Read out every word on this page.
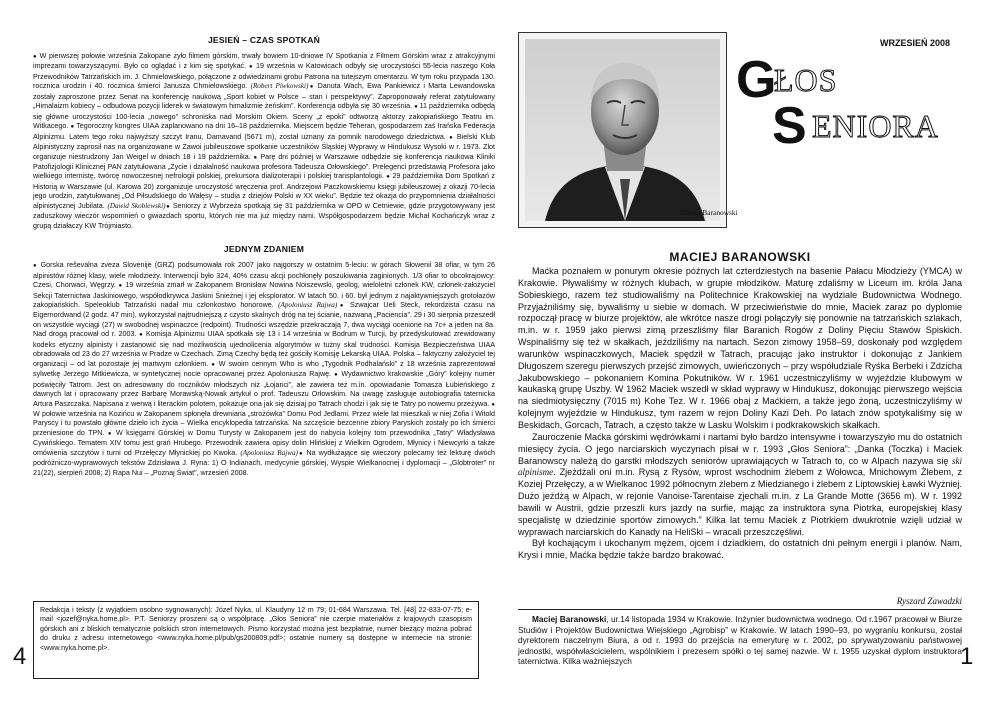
JESIEŃ – CZAS SPOTKAŃ

● W pierwszej połowie września Zakopane żyło filmem górskim, trwały bowiem 10-dniowe IV Spotkania z Filmem Górskim wraz z atrakcyjnymi imprezami towarzyszącymi. Było co oglądać i z kim się spotykać. ● 19 września w Katowicach odbyły się uroczystości 55-lecia naszego Koła Przewodników Tatrzańskich im. J. Chmielowskiego, połączone z odwiedzinami grobu Patrona na tutejszym cmentarzu. W tym roku przypada 130. rocznica urodzin i 40. rocznica śmierci Janusza Chmielowskiego. (Robert Piwkowski)● Danuta Wach, Ewa Pankiewicz i Marta Lewandowska zostały zaproszone przez Senat na konferencję naukową „Sport kobiet w Polsce – stan i perspektywy”. Zaproponowały referat zatytułowany „Himalaizm kobiecy – odbudowa pozycji liderek w światowym himalizmie żeńskim”. Konferencja odbyła się 30 września. ● 11 października odbędą się główne uroczystości 100-lecia „nowego” schroniska nad Morskim Okiem. Sceny „z epoki” odtworzą aktorzy zakopiańskiego Teatru im. Witkacego. ● Tegoroczny kongres UIAA zaplanowano na dni 16–18 października. Miejscem będzie Teheran, gospodarzem zaś Irańska Federacja Alpinizmu. Latem tego roku najwyższy szczyt Iranu, Damavand (5671 m), został uznany za pomnik narodowego dziedzictwa. ● Bielski Klub Alpinistyczny zaprosił nas na organizowane w Zawoi jubileuszowe spotkanie uczestników Śląskiej Wyprawy w Hindukusz Wysoki w r. 1973. Zlot organizuje niestrudzony Jan Weigel w dniach 18 i 19 października. ● Parę dni później w Warszawie odbędzie się konferencja naukowa Kliniki Patofizjologii Klinicznej PAN zatytułowana „Życie i działalność naukowa profesora Tadeusza Orłowskiego”. Prelegenci przedstawią Profesora jako wielkiego internistę, twórcę nowoczesnej nefrologii polskiej, prekursora dializoterapii i polskiej transplantologii. ● 29 października Dom Spotkań z Historią w Warszawie (ul. Karowa 20) zorganizuje uroczystość wręczenia prof. Andrzejowi Paczkowskiemu księgi jubileuszowej z okazji 70-lecia jego urodzin, zatytułowanej „Od Piłsudskiego do Wałęsy – studia z dziejów Polski w XX wieku”. Będzie też okazja do przypomnienia działalności alpinistycznej Jubilata. (Dawid Skoblewski)● Seniorzy z Wybrzeża spotkają się 31 października w OPO w Cetniewie, gdzie przygotowywany jest zaduszkowy wieczór wspomnień o gwiazdach sportu, których nie ma już między nami. Współgospodarzem będzie Michał Kochańczyk wraz z grupą działaczy KW Trójmiasto.

JEDNYM ZDANIEM

● Gorska reševalna zveza Slovenije (GRZ) podsumowała rok 2007 jako najgorszy w ostatnim 5-leciu: w górach Słowenii 38 ofiar, w tym 26 alpinistów różnej klasy, wiele młodzieży. Interwencji było 324, 40% czasu akcji pochłonęły poszukiwania zaginionych. 1/3 ofiar to obcokrajowcy: Czesi, Chorwaci, Węgrzy. ● 19 września zmarł w Zakopanem Bronisław Nowina Noiszewski, geolog, wieloletni członek KW, członek-założyciel Sekcji Taternictwa Jaskiniowego, współodkrywca Jaskini Śnieżnej i jej eksplorator. W latach 50. i 60. był jednym z najaktywniejszych grotołazów zakopiańskich. Speleoklub Tatrzański nadał mu członkostwo honorowe. (Apoloniusz Rajwa)● Szwajcar Ueli Steck, rekordzista czasu na Eigernordwand (2 godz. 47 min), wykorzystał najtrudniejszą z czysto skalnych dróg na tej ścianie, nazwaną „Paciencia”. 29 i 30 sierpnia przeszedł on wszystkie wyciągi (27) w swobodnej wspinaczce (redpoint). Trudności wszędzie przekraczają 7, dwa wyciągi ocenione na 7c+ a jeden na 8a. Nad drogą pracował od r. 2003. ● Komisja Alpinizmu UIAA spotkała się 13 i 14 września w Bodrum w Turcji, by przedyskutować zrewidowany kodeks etyczny alpinisty i zastanowić się nad możliwością ujednolicenia algorytmów w tużny skal trudności. Komisja Bezpieczeństwa UIAA obradowała od 23 do 27 września w Pradze w Czechach. Zimą Czechy będą też gościły Komisję Lekarską UIAA. Polska – faktyczny założyciel tej organizacji – od lat pozostaje jej martwym członkiem. ● W swoim cennym Who is who „Tygodnik Podhalański” z 18 września zaprezentował sylwetkę Jerzego Mitkiewicza, w syntetycznej nocie opracowanej przez Apoloniusza Rajwę. ● Wydawnictwo krakowskie „Góry” kolejny numer poświęciły Tatrom. Jest on adresowany do roczników młodszych niż „Łojanci”, ale zawiera też m.in. opowiadanie Tomasza Łubieńskiego z dawnych lat i opracowany przez Barbarę Morawską-Nowak artykuł o prof. Tadeuszu Orłowskim. Na uwagę zasługuje autobiografia taternicka Artura Paszczaka. Napisana z werwą i literackim polotem, pokazuje ona jak się dzisiaj po Tatrach chodzi i jak się te Tatry po nowemu przeżywa. ● W połowie września na Kozińcu w Zakopanem spłonęła drewniana „strożówka” Domu Pod Jedlami. Przez wiele lat mieszkali w niej Zofia i Witold Paryscy i tu powstało główne dzieło ich życia – Wielka encyklopedia tatrzańska. Na szczęście bezcenne zbiory Paryskich zostały po ich śmierci przeniesione do TPN. ● W księgarni Górskiej w Domu Turysty w Zakopanem jest do nabycia kolejny tom przewodnika „Tatry” Władysława Cywińskiego. Tematem XIV tomu jest grań Hrubego. Przewodnik zawiera opisy dolin Hlińskiej z Wielkim Ogrodem, Młynicy i Niewcyrki a także omówienia szczytów i turni od Przełęczy Młynickiej po Kwoka. (Apoloniusz Rajwa)● Na wydłużające się wieczory polecamy też lekturę dwóch podróżniczo-wyprawowych tekstów Zdzisława J. Ryna: 1) O Indianach, medycynie górskiej, Wyspie Wielkanocnej i dyplomacji – „Globtroter” nr 21(22), sierpień 2008; 2) Rapa Nui – „Poznaj Świat”, wrzesień 2008.

Redakcja i teksty (z wyjątkiem osobno sygnowanych): Józef Nyka, ul. Klaudyny 12 m 79; 01-684 Warszawa. Tel. [48] 22-833-07-75; e-mail <jozef@nyka.home.pl>. P.T. Seniorzy proszeni są o współpracę. „Głos Seniora” nie czerpie materiałów z krajowych czasopism górskich ani z bliskich tematycznie polskich stron internetowych. Pismo korzystać można jest bezpłatnie, numer bieżący można pobrać do druku z adresu internetowego <www.nyka.home.pl/pub/gs200809.pdf>; ostatnie numery są dostępne w internecie na stronie: <www.nyka.home.pl>.
4
Maciej Baranowski
WRZESIEŃ 2008
G
ŁOS
S ENIORA
MACIEJ BARANOWSKI

Maćka poznałem w ponurym okresie późnych lat czterdziestych na basenie Pałacu Młodzieży (YMCA) w Krakowie. Pływaliśmy w różnych klubach, w grupie młodzików. Maturę zdaliśmy w Liceum im. króla Jana Sobieskiego, razem też studiowaliśmy na Politechnice Krakowskiej na wydziale Budownictwa Wodnego. Przyjaźniliśmy się, bywaliśmy u siebie w domach. W przeciwieństwie do mnie, Maciek zaraz po dyplomie rozpoczął pracę w biurze projektów, ale wkrótce nasze drogi połączyły się ponownie na tatrzańskich szlakach, m.in. w r. 1959 jako pierwsi zimą przeszliśmy filar Baranich Rogów z Doliny Pięciu Stawów Spiskich. Wspinaliśmy się też w skałkach, jeździliśmy na nartach. Sezon zimowy 1958–59, doskonały pod względem warunków wspinaczkowych, Maciek spędził w Tatrach, pracując jako instruktor i dokonując z Jankiem Długoszem szeregu pierwszych przejść zimowych, uwieńczonych – przy współudziale Ryśka Berbeki i Zdzicha Jakubowskiego – pokonaniem Komina Pokutników. W r. 1961 uczestniczyliśmy w wyjeździe klubowym w kaukaską grupę Uszby. W 1962 Maciek wszedł w skład wyprawy w Hindukusz, dokonując pierwszego wejścia na siedmiotysięczny (7015 m) Kohe Tez. W r. 1966 obaj z Maćkiem, a także jego żoną, uczestniczyliśmy w kolejnym wyjeździe w Hindukusz, tym razem w rejon Doliny Kazi Deh. Po latach znów spotykaliśmy się w Beskidach, Gorcach, Tatrach, a często także w Lasku Wolskim i podkrakowskich skałkach.

Zauroczenie Maćka górskimi wędrówkami i nartami było bardzo intensywne i towarzyszyło mu do ostatnich miesięcy życia. O jego narciarskich wyczynach pisał w r. 1993 „Głos Seniora”: „Danka (Toczka) i Maciek Baranowscy należą do garstki młodszych seniorów uprawiających w Tatrach to, co w Alpach nazywa się ski alpinisme. Zjeżdżali oni m.in. Rysą z Rysów, wprost wschodnim żlebem z Wołowca, Mnichowym Żlebem, z Koziej Przełęczy, a w Wielkanoc 1992 północnym żlebem z Miedzianego i żlebem z Liptowskiej Ławki Wyżniej. Dużo jeżdżą w Alpach, w rejonie Vanoise-Tarentaise zjechali m.in. z La Grande Motte (3656 m). W r. 1992 bawili w Austrii, gdzie przeszli kurs jazdy na surfie, mając za instruktora syna Piotrka, europejskiej klasy specjalistę w dziedzinie sportów zimowych.” Kilka lat temu Maciek z Piotrkiem dwukrotnie wzięli udział w wyprawach narciarskich do Kanady na HeliSki – wracali przeszczęśliwi.

Był kochającym i ukochanym mężem, ojcem i dziadkiem, do ostatnich dni pełnym energii i planów. Nam, Krysi i mnie, Maćka będzie także bardzo brakować.

Ryszard Zawadzki

Maciej Baranowski, ur.14 listopada 1934 w Krakowie. Inżynier budownictwa wodnego. Od r.1967 pracował w Biurze Studiów i Projektów Budownictwa Wiejskiego „Agrobisp” w Krakowie. W latach 1990–93, po wygraniu konkursu, został dyrektorem naczelnym Biura, a od r. 1993 do przejścia na emeryturę w r. 2002, po sprywatyzowaniu państwowej jednostki, współwłaścicielem, wspólnikiem i prezesem spółki o tej samej nazwie. W r. 1955 uzyskał dyplom instruktora taternictwa. Kilka ważniejszych	1
